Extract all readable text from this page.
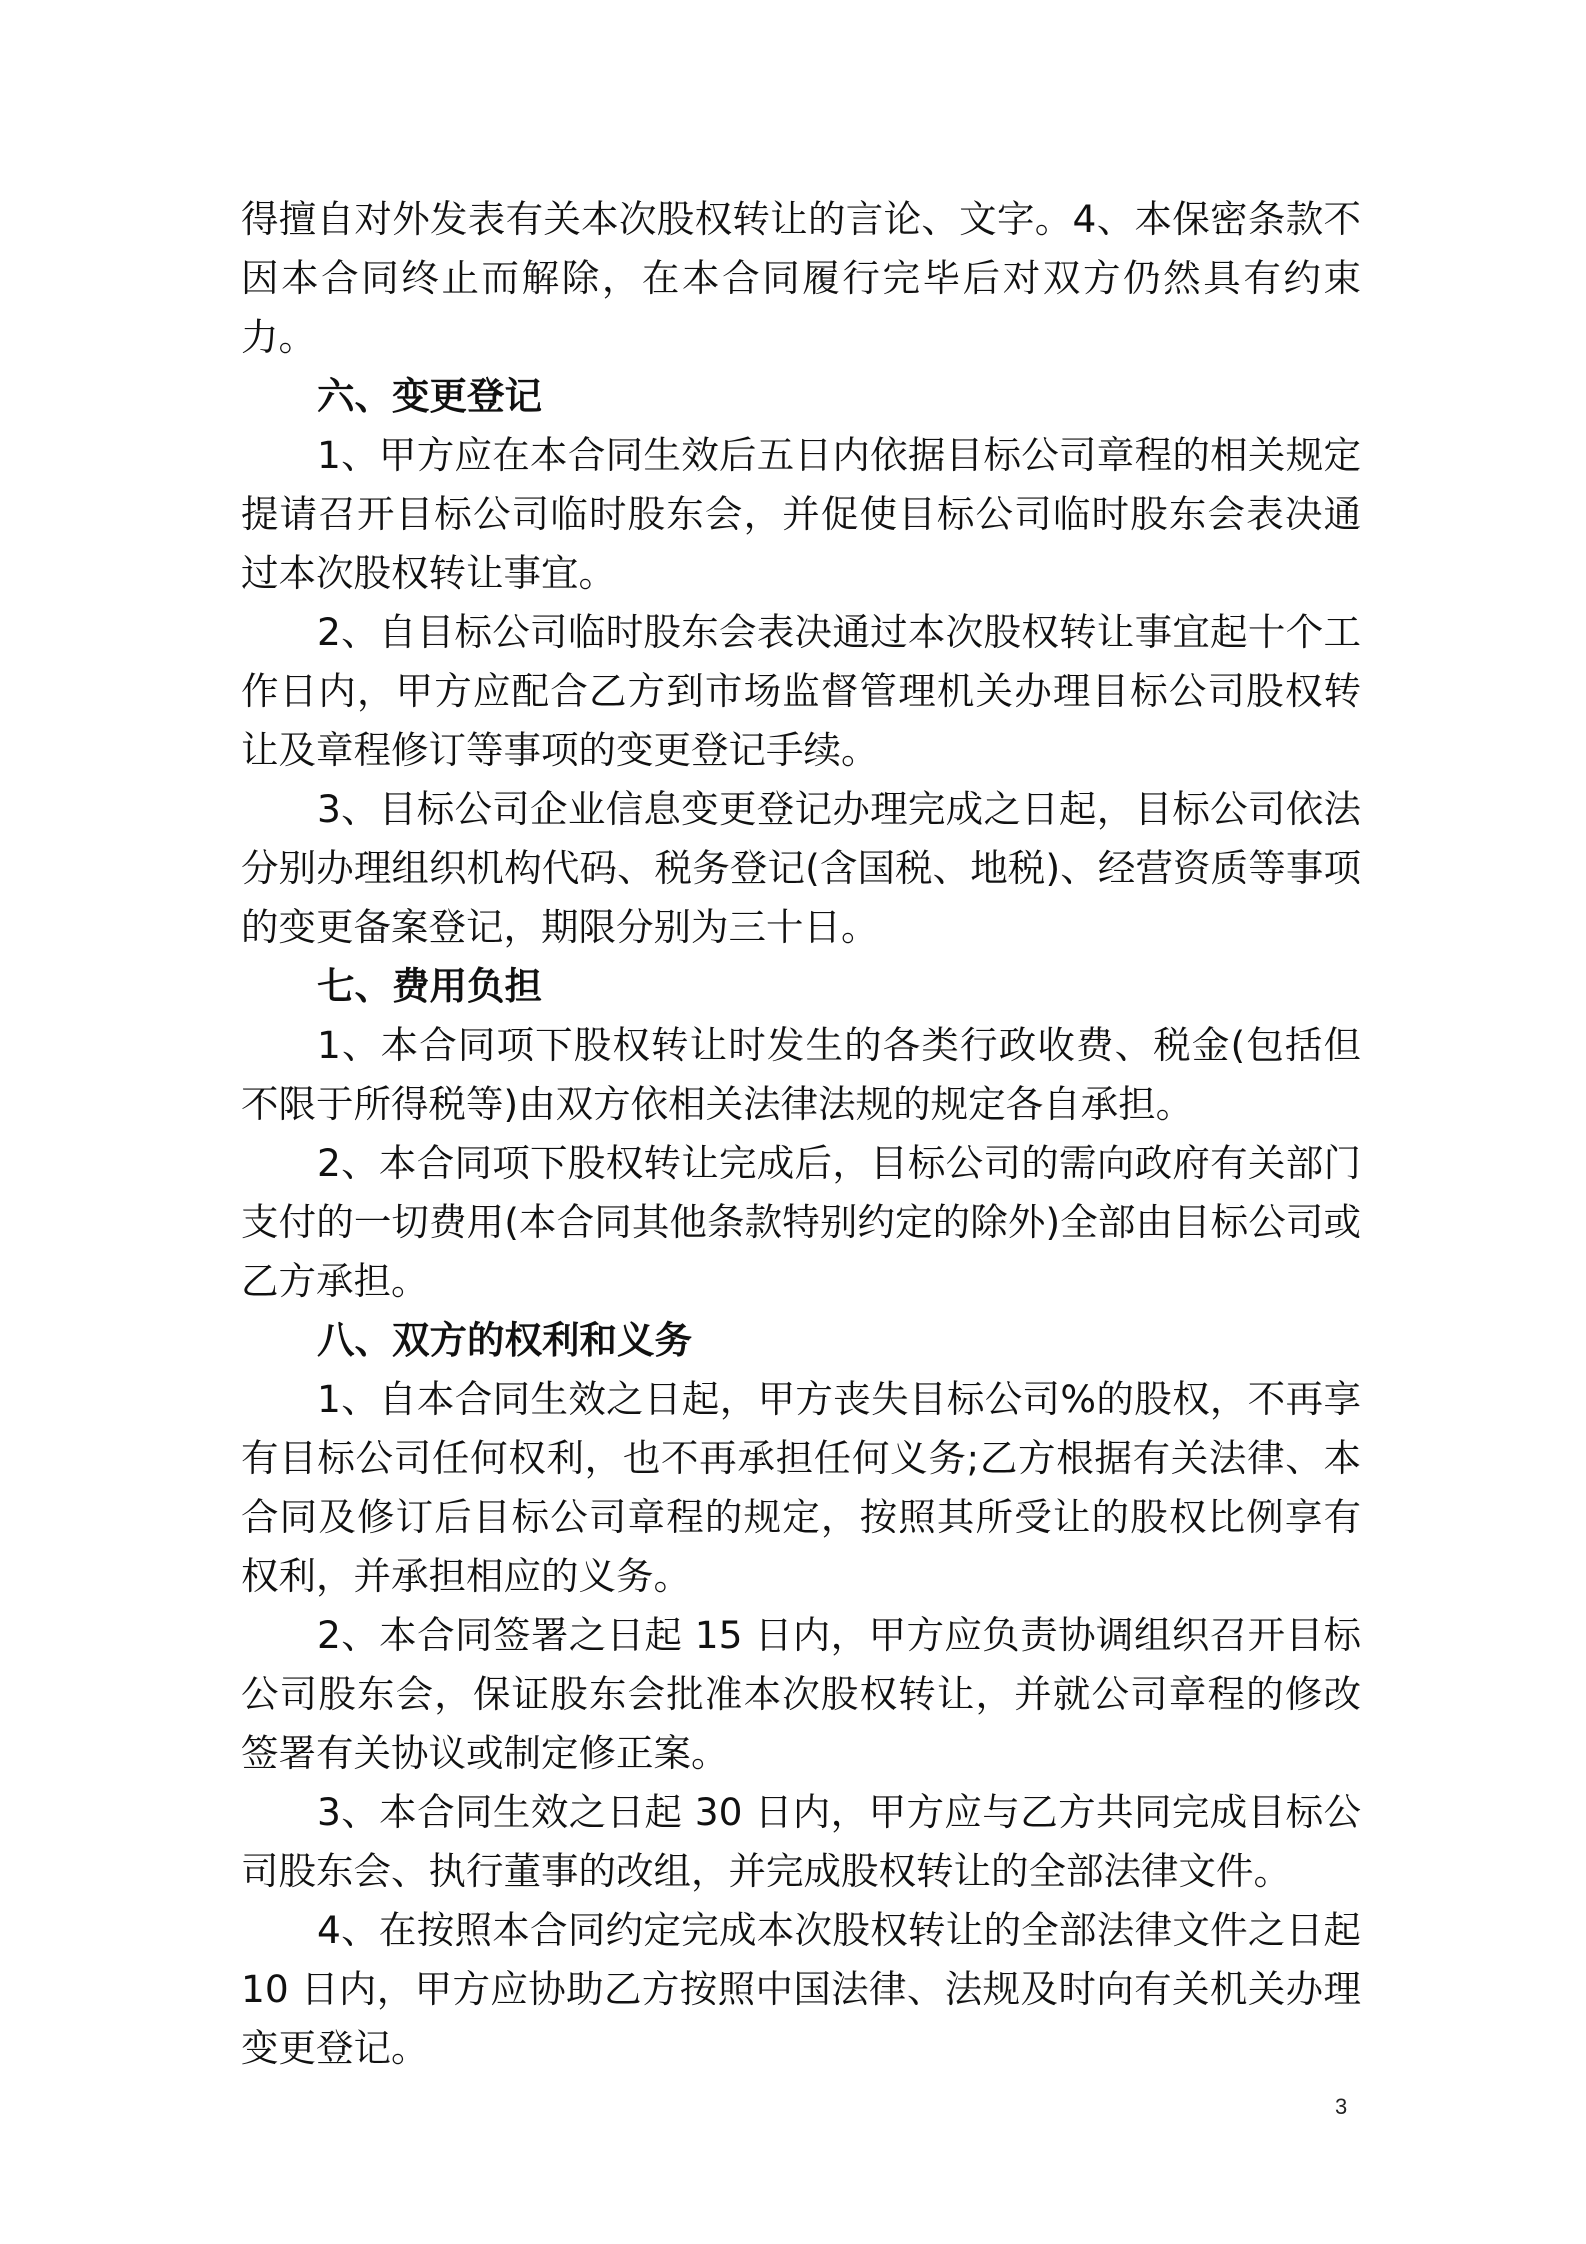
得擅自对外发表有关本次股权转让的言论、文字。4、本保密条款不因本合同终止而解除，在本合同履行完毕后对双方仍然具有约束力。

六、变更登记

1、甲方应在本合同生效后五日内依据目标公司章程的相关规定提请召开目标公司临时股东会，并促使目标公司临时股东会表决通过本次股权转让事宜。

2、自目标公司临时股东会表决通过本次股权转让事宜起十个工作日内，甲方应配合乙方到市场监督管理机关办理目标公司股权转让及章程修订等事项的变更登记手续。

3、目标公司企业信息变更登记办理完成之日起，目标公司依法分别办理组织机构代码、税务登记(含国税、地税)、经营资质等事项的变更备案登记，期限分别为三十日。

七、费用负担

1、本合同项下股权转让时发生的各类行政收费、税金(包括但不限于所得税等)由双方依相关法律法规的规定各自承担。

2、本合同项下股权转让完成后，目标公司的需向政府有关部门支付的一切费用(本合同其他条款特别约定的除外)全部由目标公司或乙方承担。

八、双方的权利和义务

1、自本合同生效之日起，甲方丧失目标公司%的股权，不再享有目标公司任何权利，也不再承担任何义务;乙方根据有关法律、本合同及修订后目标公司章程的规定，按照其所受让的股权比例享有权利，并承担相应的义务。

2、本合同签署之日起 15 日内，甲方应负责协调组织召开目标公司股东会，保证股东会批准本次股权转让，并就公司章程的修改签署有关协议或制定修正案。

3、本合同生效之日起 30 日内，甲方应与乙方共同完成目标公司股东会、执行董事的改组，并完成股权转让的全部法律文件。

4、在按照本合同约定完成本次股权转让的全部法律文件之日起 10 日内，甲方应协助乙方按照中国法律、法规及时向有关机关办理变更登记。

3
